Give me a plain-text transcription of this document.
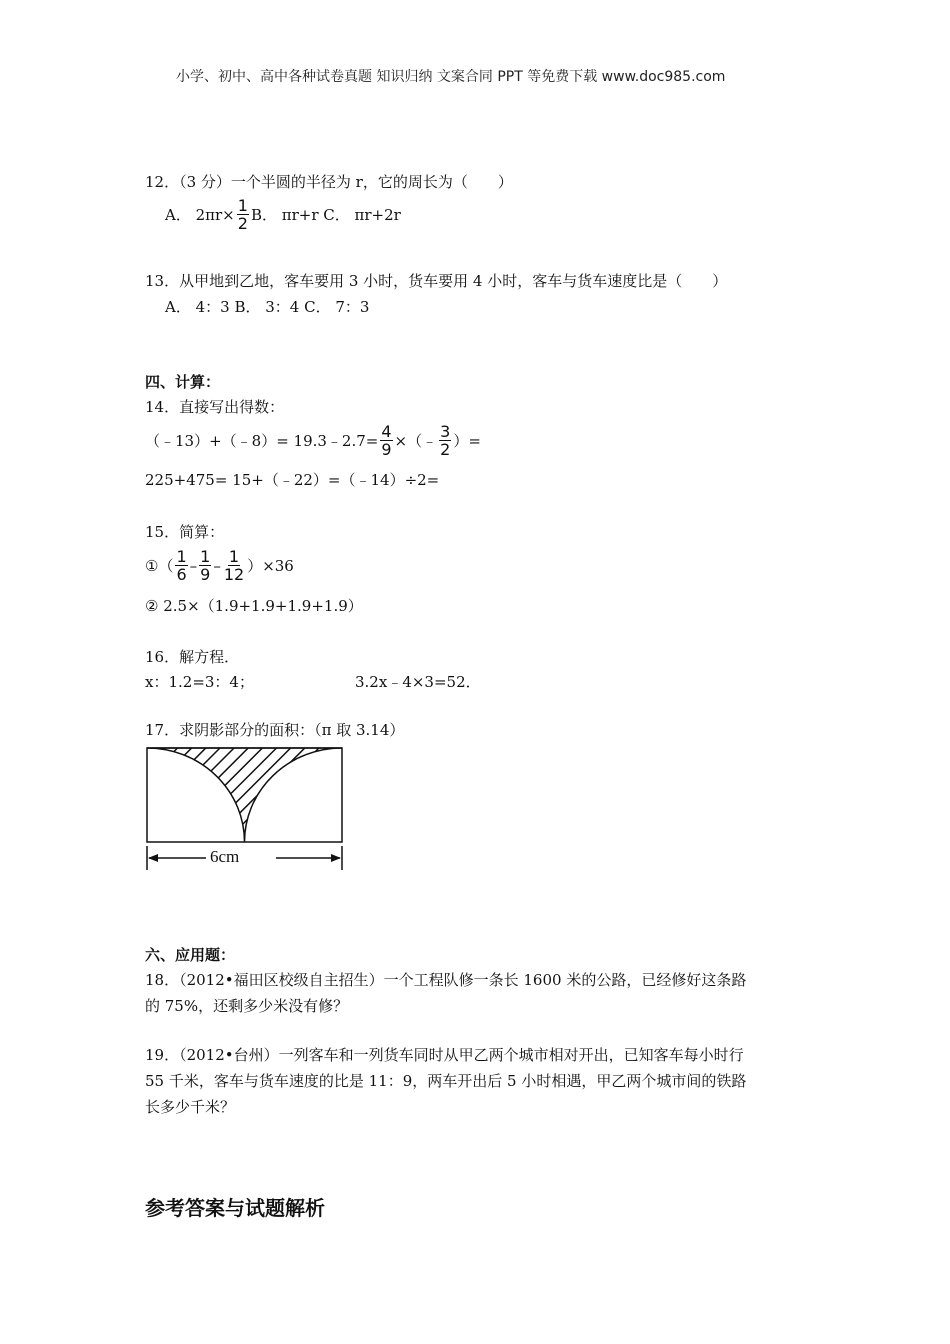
小学、初中、高中各种试卷真题 知识归纳 文案合同 PPT 等免费下载 www.doc985.com
12．（3 分）一个半圆的半径为 r，它的周长为（　　）
A． $2\pi r\times \frac{1}{2}$ B． πr+r C． πr+2r
13．从甲地到乙地，客车要用 3 小时，货车要用 4 小时，客车与货车速度比是（　　）
A． 4：3 B． 3：4 C． 7：3
四、计算：
14．直接写出得数：
（﹣13）+（﹣8）= 19.3﹣2.7= $\frac{4}{9}$ ×（﹣ $\frac{3}{2}$ ）=
225+475= 15+（﹣22）=（﹣14）÷2=
15．简算：
①（ $\frac{1}{6} - \frac{1}{9} - \frac{1}{12} )\times 36$
② 2.5×（1.9+1.9+1.9+1.9）
16．解方程．
x：1.2=3：4；	3.2x﹣4×3=52．
17．求阴影部分的面积：（π 取 3.14）
6cm
六、应用题：
18．（2012•福田区校级自主招生）一个工程队修一条长 1600 米的公路，已经修好这条路
的 75%，还剩多少米没有修？
19．（2012•台州）一列客车和一列货车同时从甲乙两个城市相对开出，已知客车每小时行
55 千米，客车与货车速度的比是 11：9，两车开出后 5 小时相遇，甲乙两个城市间的铁路
长多少千米？
参考答案与试题解析
